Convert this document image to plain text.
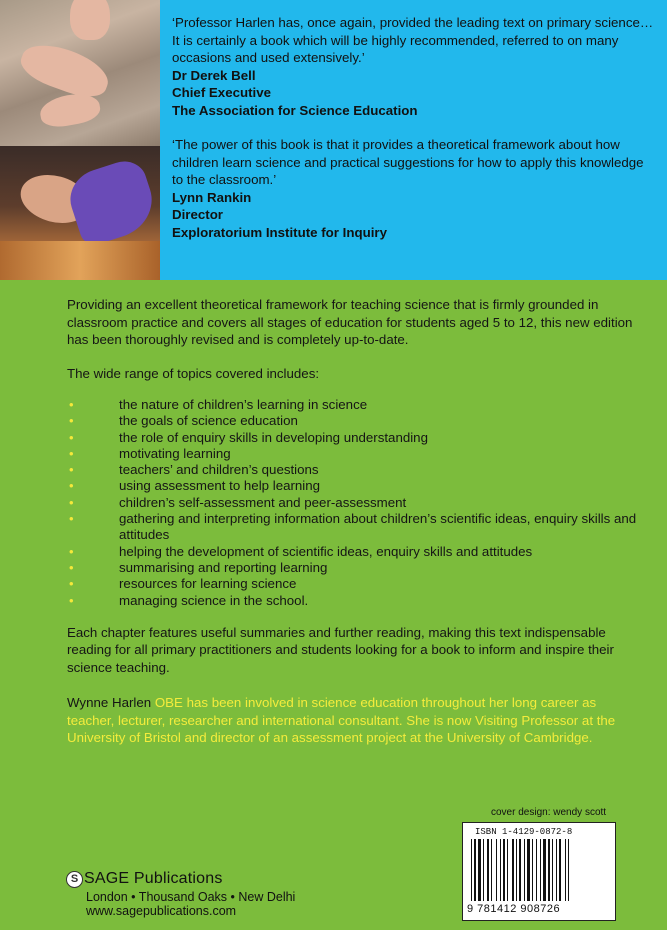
‘Professor Harlen has, once again, provided the leading text on primary science… It is certainly a book which will be highly recommended, referred to on many occasions and used extensively.’

Dr Derek Bell

Chief Executive

The Association for Science Education

‘The power of this book is that it provides a theoretical framework about how children learn science and practical suggestions for how to apply this knowledge to the classroom.’

Lynn Rankin

Director

Exploratorium Institute for Inquiry

Providing an excellent theoretical framework for teaching science that is firmly grounded in classroom practice and covers all stages of education for students aged 5 to 12, this new edition has been thoroughly revised and is completely up-to-date.

The wide range of topics covered includes:

•	the nature of children’s learning in science
•	the goals of science education
•	the role of enquiry skills in developing understanding
•	motivating learning
•	teachers’ and children’s questions
•	using assessment to help learning
•	children’s self-assessment and peer-assessment
•	gathering and interpreting information about children’s scientific ideas, enquiry skills and attitudes
•	helping the development of scientific ideas, enquiry skills and attitudes
•	summarising and reporting learning
•	resources for learning science
•	managing science in the school.

Each chapter features useful summaries and further reading, making this text indispensable reading for all primary practitioners and students looking for a book to inform and inspire their science teaching.

Wynne Harlen OBE has been involved in science education throughout her long career as teacher, lecturer, researcher and international consultant. She is now Visiting Professor at the University of Bristol and director of an assessment project at the University of Cambridge.

cover design: wendy scott
ISBN 1-4129-0872-8
9 781412 908726
S SAGE Publications
London • Thousand Oaks • New Delhi
www.sagepublications.com
